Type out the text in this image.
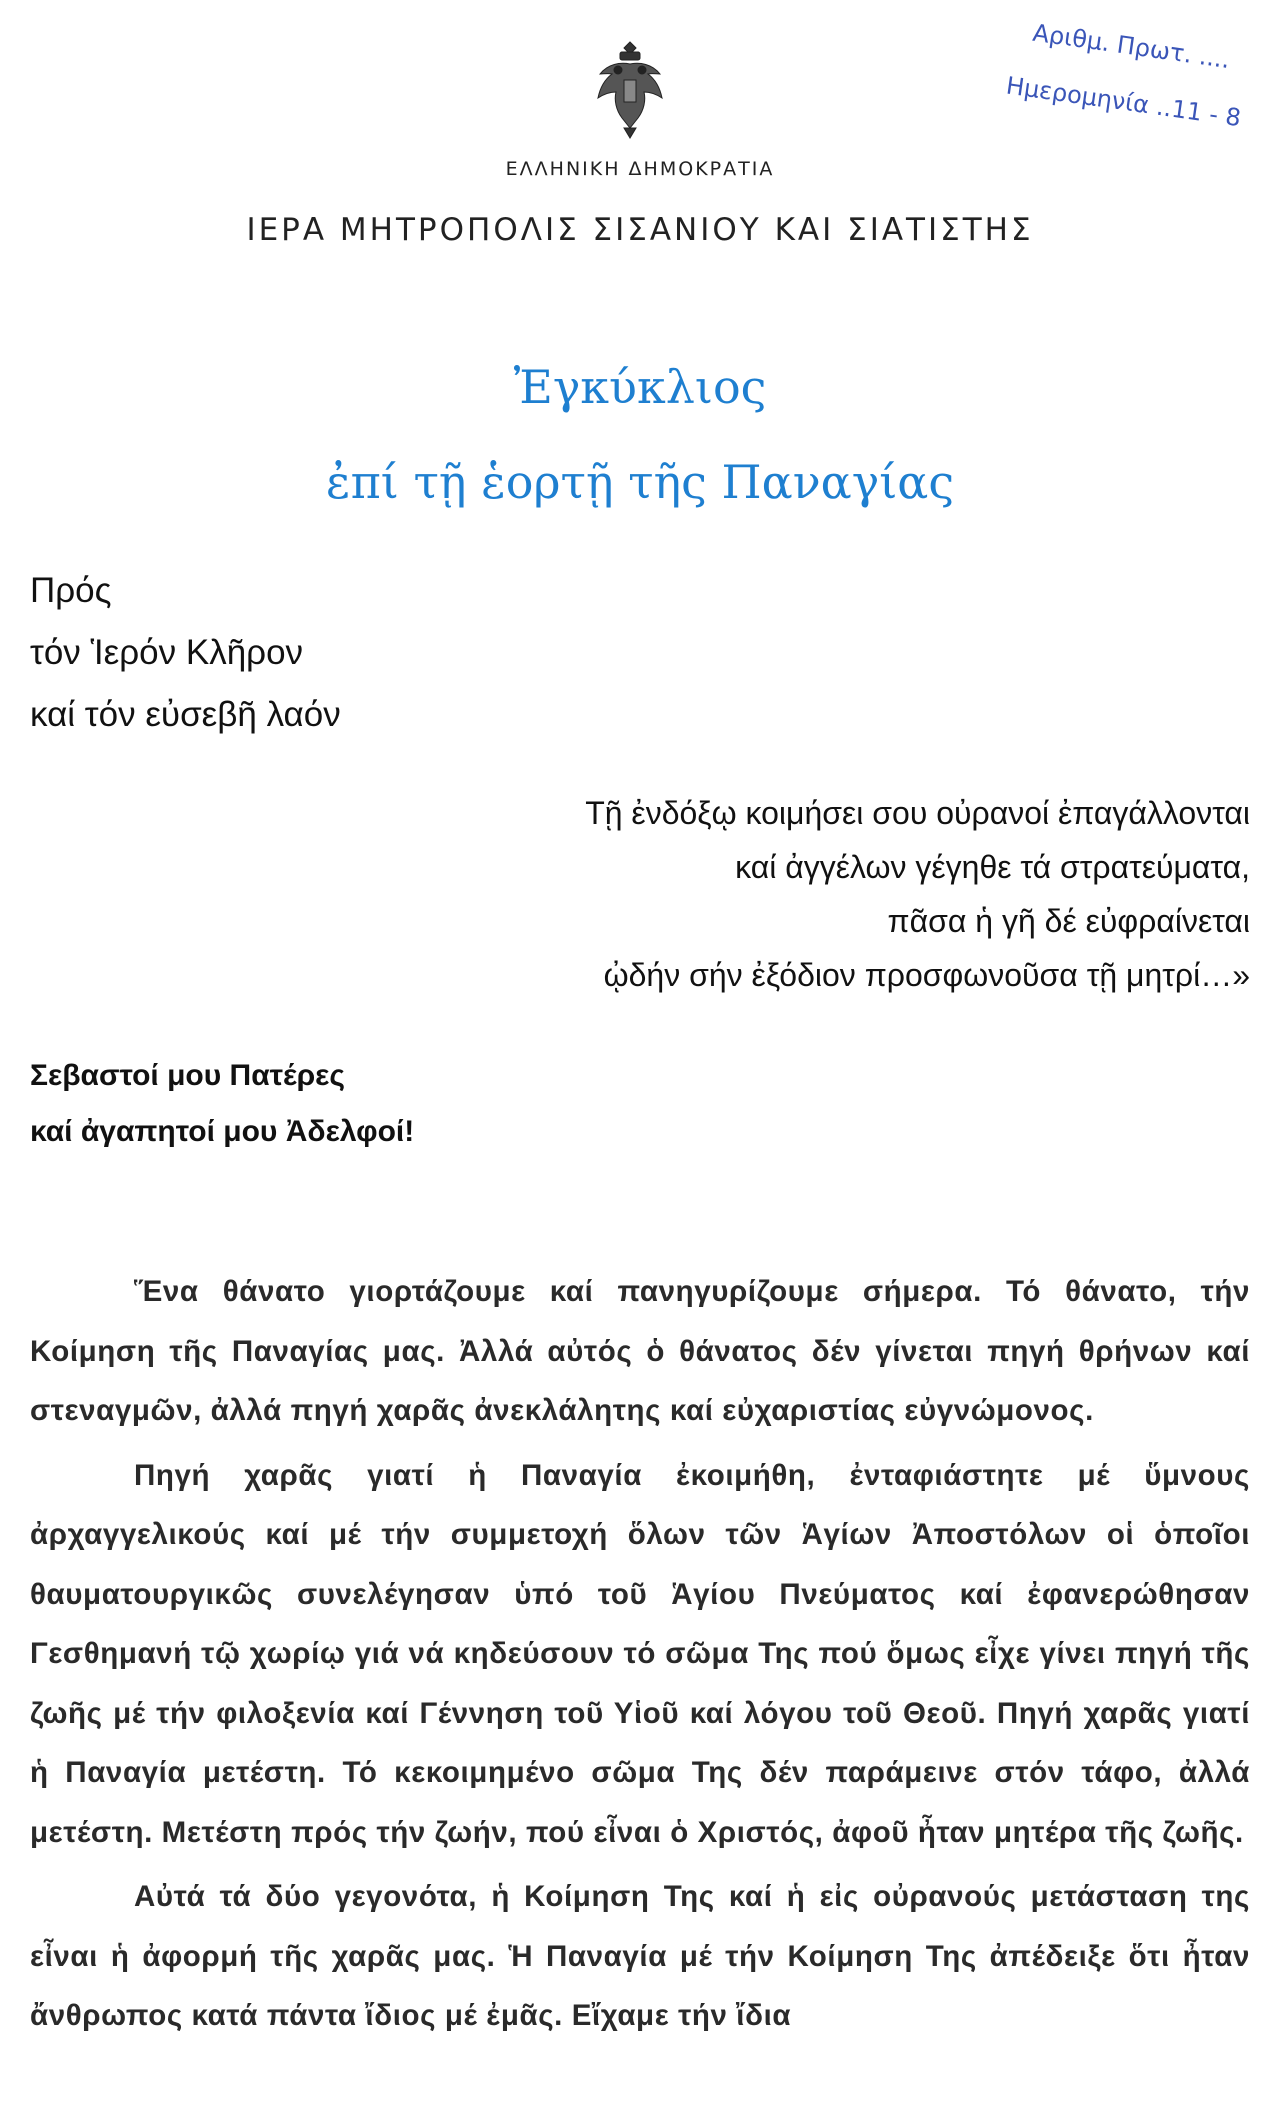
ΕΛΛΗΝΙΚΗ ΔΗΜΟΚΡΑΤΙΑ
ΙΕΡΑ ΜΗΤΡΟΠΟΛΙΣ ΣΙΣΑΝΙΟΥ ΚΑΙ ΣΙΑΤΙΣΤΗΣ
Αριθμ. Πρωτ. ....
Ημερομηνία ..11 - 8
Ἐγκύκλιος
ἐπί τῇ ἑορτῇ τῆς Παναγίας
Πρός
τόν Ἱερόν Κλῆρον
καί τόν εὐσεβῆ λαόν
Τῇ ἐνδόξῳ κοιμήσει σου οὐρανοί ἐπαγάλλονται
καί ἀγγέλων γέγηθε τά στρατεύματα,
πᾶσα ἡ γῆ δέ εὐφραίνεται
ᾠδήν σήν ἐξόδιον προσφωνοῦσα τῇ μητρί…»
Σεβαστοί μου Πατέρες
καί ἀγαπητοί μου Ἀδελφοί!

Ἕνα θάνατο γιορτάζουμε καί πανηγυρίζουμε σήμερα. Τό θάνατο, τήν Κοίμηση τῆς Παναγίας μας. Ἀλλά αὐτός ὁ θάνατος δέν γίνεται πηγή θρήνων καί στεναγμῶν, ἀλλά πηγή χαρᾶς ἀνεκλάλητης καί εὐχαριστίας εὐγνώμονος.

Πηγή χαρᾶς γιατί ἡ Παναγία ἐκοιμήθη, ἐνταφιάστητε μέ ὕμνους ἀρχαγγελικούς καί μέ τήν συμμετοχή ὅλων τῶν Ἁγίων Ἀποστόλων οἱ ὁποῖοι θαυματουργικῶς συνελέγησαν ὑπό τοῦ Ἁγίου Πνεύματος καί ἐφανερώθησαν Γεσθημανή τῷ χωρίῳ γιά νά κηδεύσουν τό σῶμα Της πού ὅμως εἶχε γίνει πηγή τῆς ζωῆς μέ τήν φιλοξενία καί Γέννηση τοῦ Υἱοῦ καί λόγου τοῦ Θεοῦ. Πηγή χαρᾶς γιατί ἡ Παναγία μετέστη. Τό κεκοιμημένο σῶμα Της δέν παράμεινε στόν τάφο, ἀλλά μετέστη. Μετέστη πρός τήν ζωήν, πού εἶναι ὁ Χριστός, ἀφοῦ ἦταν μητέρα τῆς ζωῆς.

Αὐτά τά δύο γεγονότα, ἡ Κοίμηση Της καί ἡ εἰς οὐρανούς μετάσταση της εἶναι ἡ ἀφορμή τῆς χαρᾶς μας. Ἡ Παναγία μέ τήν Κοίμηση Της ἀπέδειξε ὅτι ἦταν ἄνθρωπος κατά πάντα ἴδιος μέ ἐμᾶς. Εἴχαμε τήν ἴδια
